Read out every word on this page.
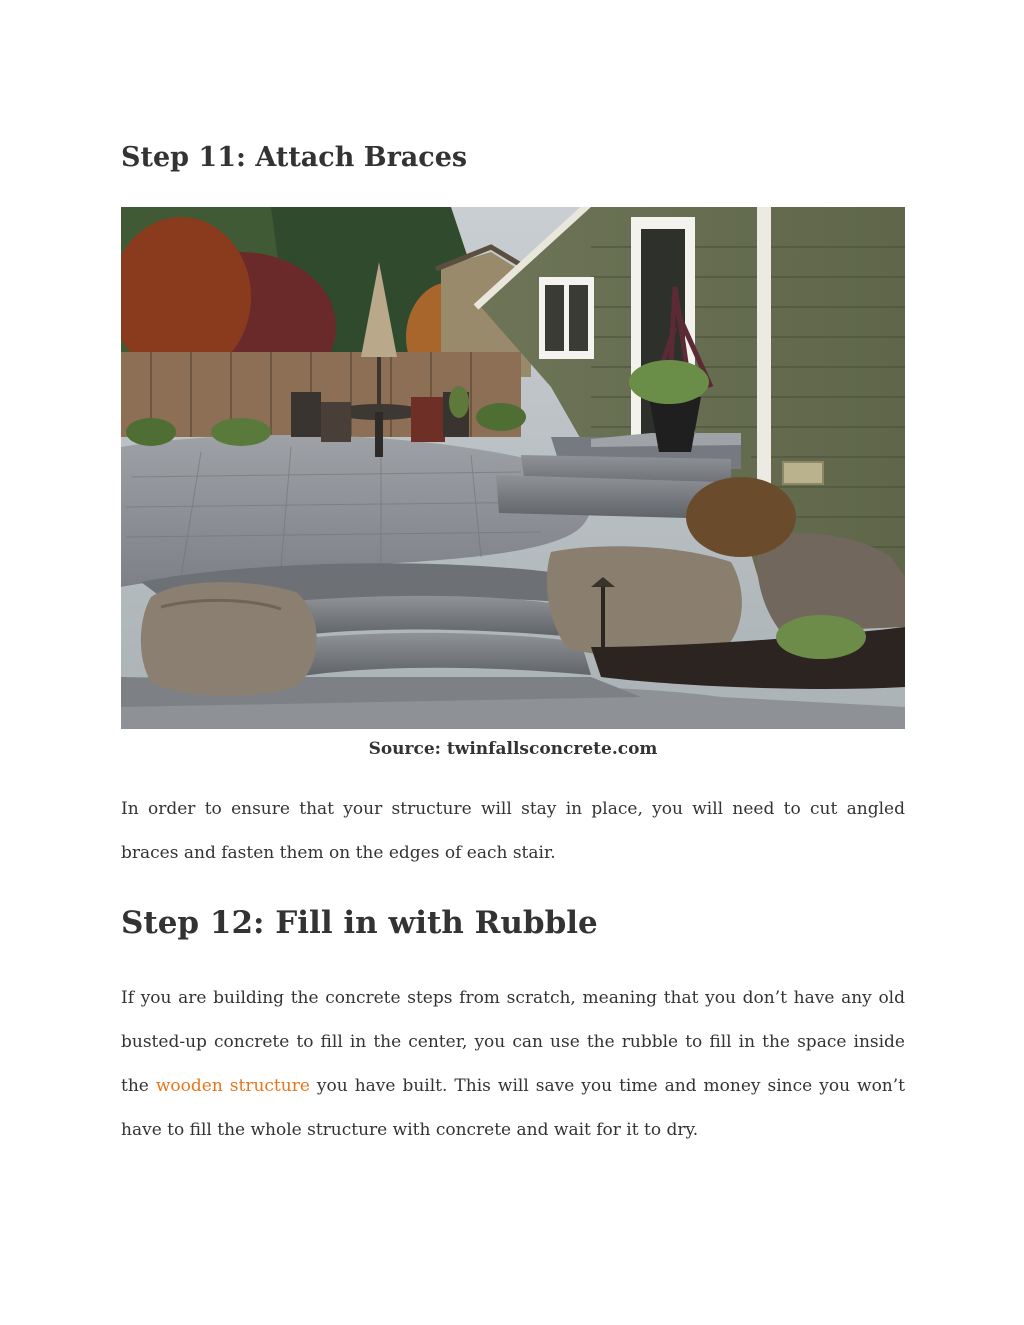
Step 11: Attach Braces
Source: twinfallsconcrete.com

In order to ensure that your structure will stay in place, you will need to cut angled braces and fasten them on the edges of each stair.

Step 12: Fill in with Rubble

If you are building the concrete steps from scratch, meaning that you don’t have any old busted-up concrete to fill in the center, you can use the rubble to fill in the space inside the wooden structure you have built. This will save you time and money since you won’t have to fill the whole structure with concrete and wait for it to dry.
